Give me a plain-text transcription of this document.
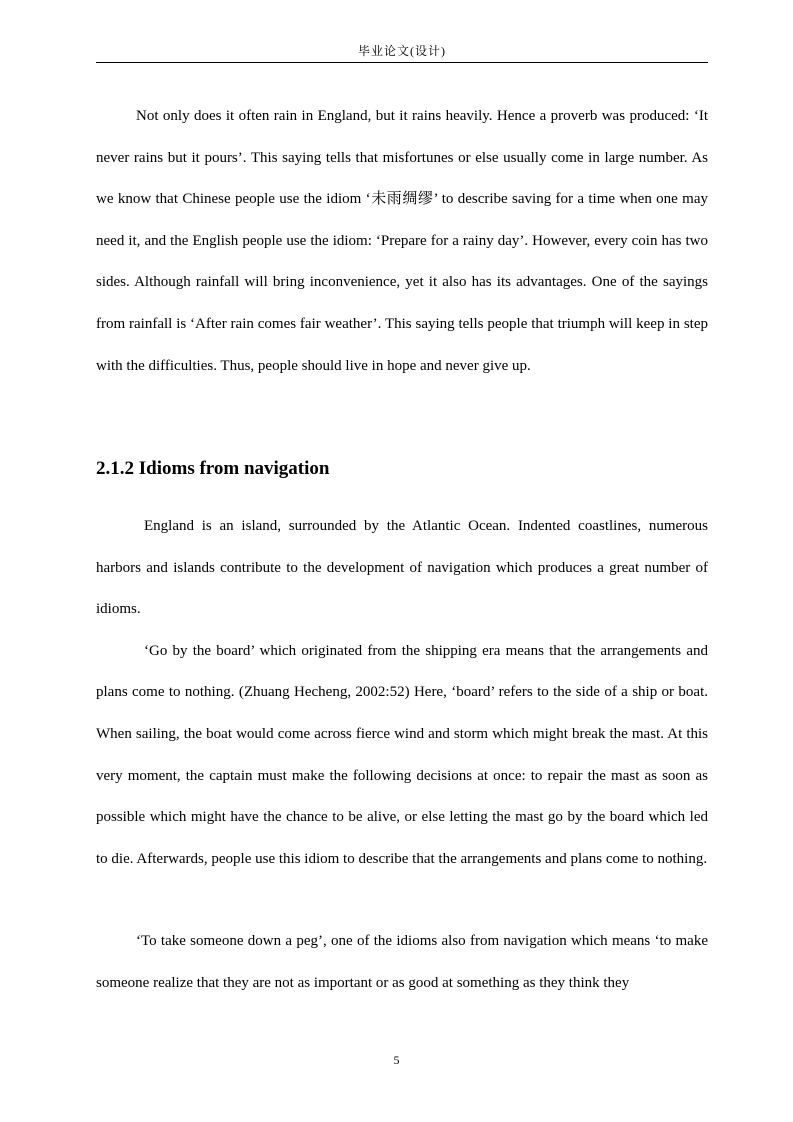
毕业论文(设计)

Not only does it often rain in England, but it rains heavily. Hence a proverb was produced: ‘It never rains but it pours’. This saying tells that misfortunes or else usually come in large number. As we know that Chinese people use the idiom ‘未雨绸缪’ to describe saving for a time when one may need it, and the English people use the idiom: ‘Prepare for a rainy day’. However, every coin has two sides. Although rainfall will bring inconvenience, yet it also has its advantages. One of the sayings from rainfall is ‘After rain comes fair weather’. This saying tells people that triumph will keep in step with the difficulties. Thus, people should live in hope and never give up.

2.1.2 Idioms from navigation

England is an island, surrounded by the Atlantic Ocean. Indented coastlines, numerous harbors and islands contribute to the development of navigation which produces a great number of idioms.

‘Go by the board’ which originated from the shipping era means that the arrangements and plans come to nothing. (Zhuang Hecheng, 2002:52) Here, ‘board’ refers to the side of a ship or boat. When sailing, the boat would come across fierce wind and storm which might break the mast. At this very moment, the captain must make the following decisions at once: to repair the mast as soon as possible which might have the chance to be alive, or else letting the mast go by the board which led to die. Afterwards, people use this idiom to describe that the arrangements and plans come to nothing.

‘To take someone down a peg’, one of the idioms also from navigation which means ‘to make someone realize that they are not as important or as good at something as they think they

5
